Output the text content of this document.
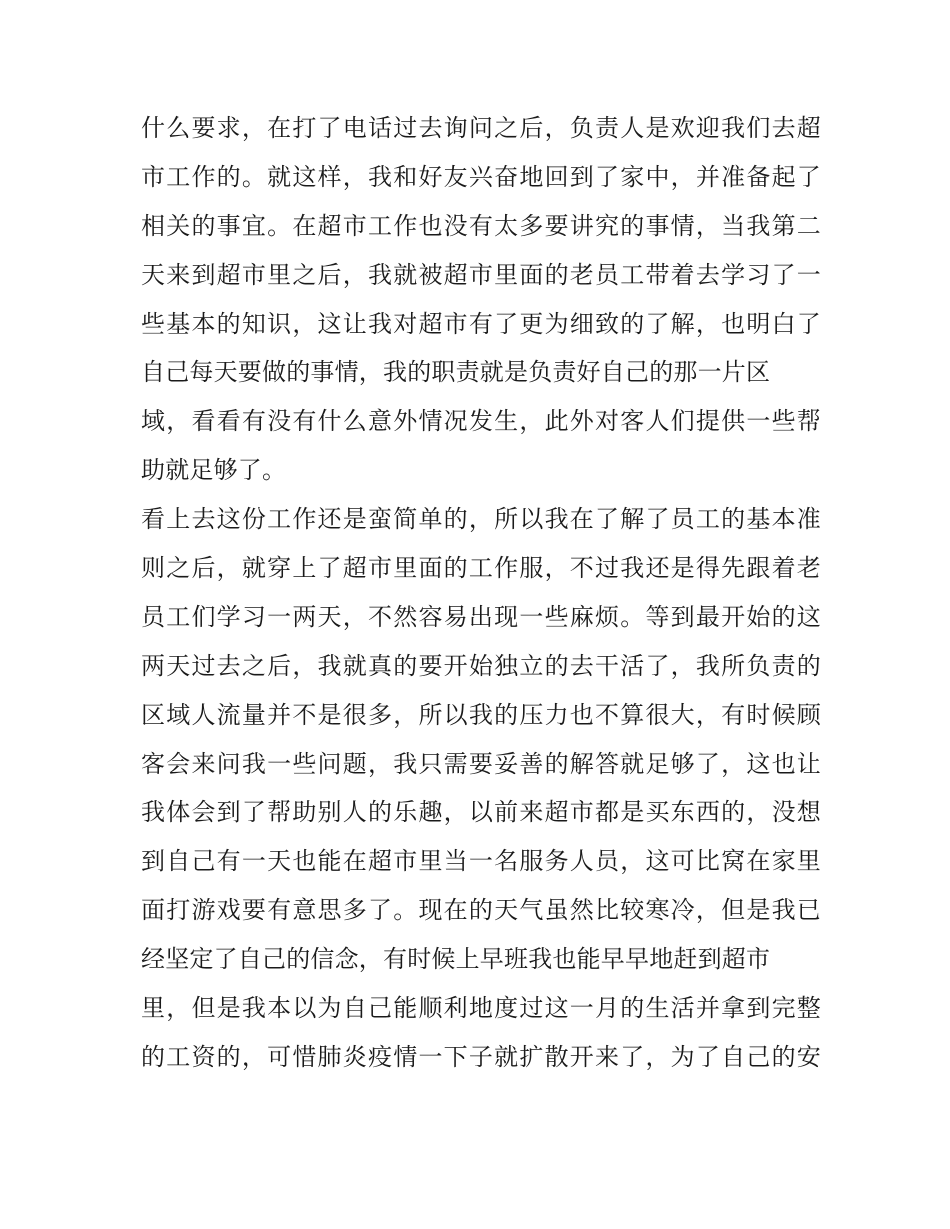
什么要求，在打了电话过去询问之后，负责人是欢迎我们去超
市工作的。就这样，我和好友兴奋地回到了家中，并准备起了
相关的事宜。在超市工作也没有太多要讲究的事情，当我第二
天来到超市里之后，我就被超市里面的老员工带着去学习了一
些基本的知识，这让我对超市有了更为细致的了解，也明白了
自己每天要做的事情，我的职责就是负责好自己的那一片区
域，看看有没有什么意外情况发生，此外对客人们提供一些帮
助就足够了。
看上去这份工作还是蛮简单的，所以我在了解了员工的基本准
则之后，就穿上了超市里面的工作服，不过我还是得先跟着老
员工们学习一两天，不然容易出现一些麻烦。等到最开始的这
两天过去之后，我就真的要开始独立的去干活了，我所负责的
区域人流量并不是很多，所以我的压力也不算很大，有时候顾
客会来问我一些问题，我只需要妥善的解答就足够了，这也让
我体会到了帮助别人的乐趣，以前来超市都是买东西的，没想
到自己有一天也能在超市里当一名服务人员，这可比窝在家里
面打游戏要有意思多了。现在的天气虽然比较寒冷，但是我已
经坚定了自己的信念，有时候上早班我也能早早地赶到超市
里，但是我本以为自己能顺利地度过这一月的生活并拿到完整
的工资的，可惜肺炎疫情一下子就扩散开来了，为了自己的安
